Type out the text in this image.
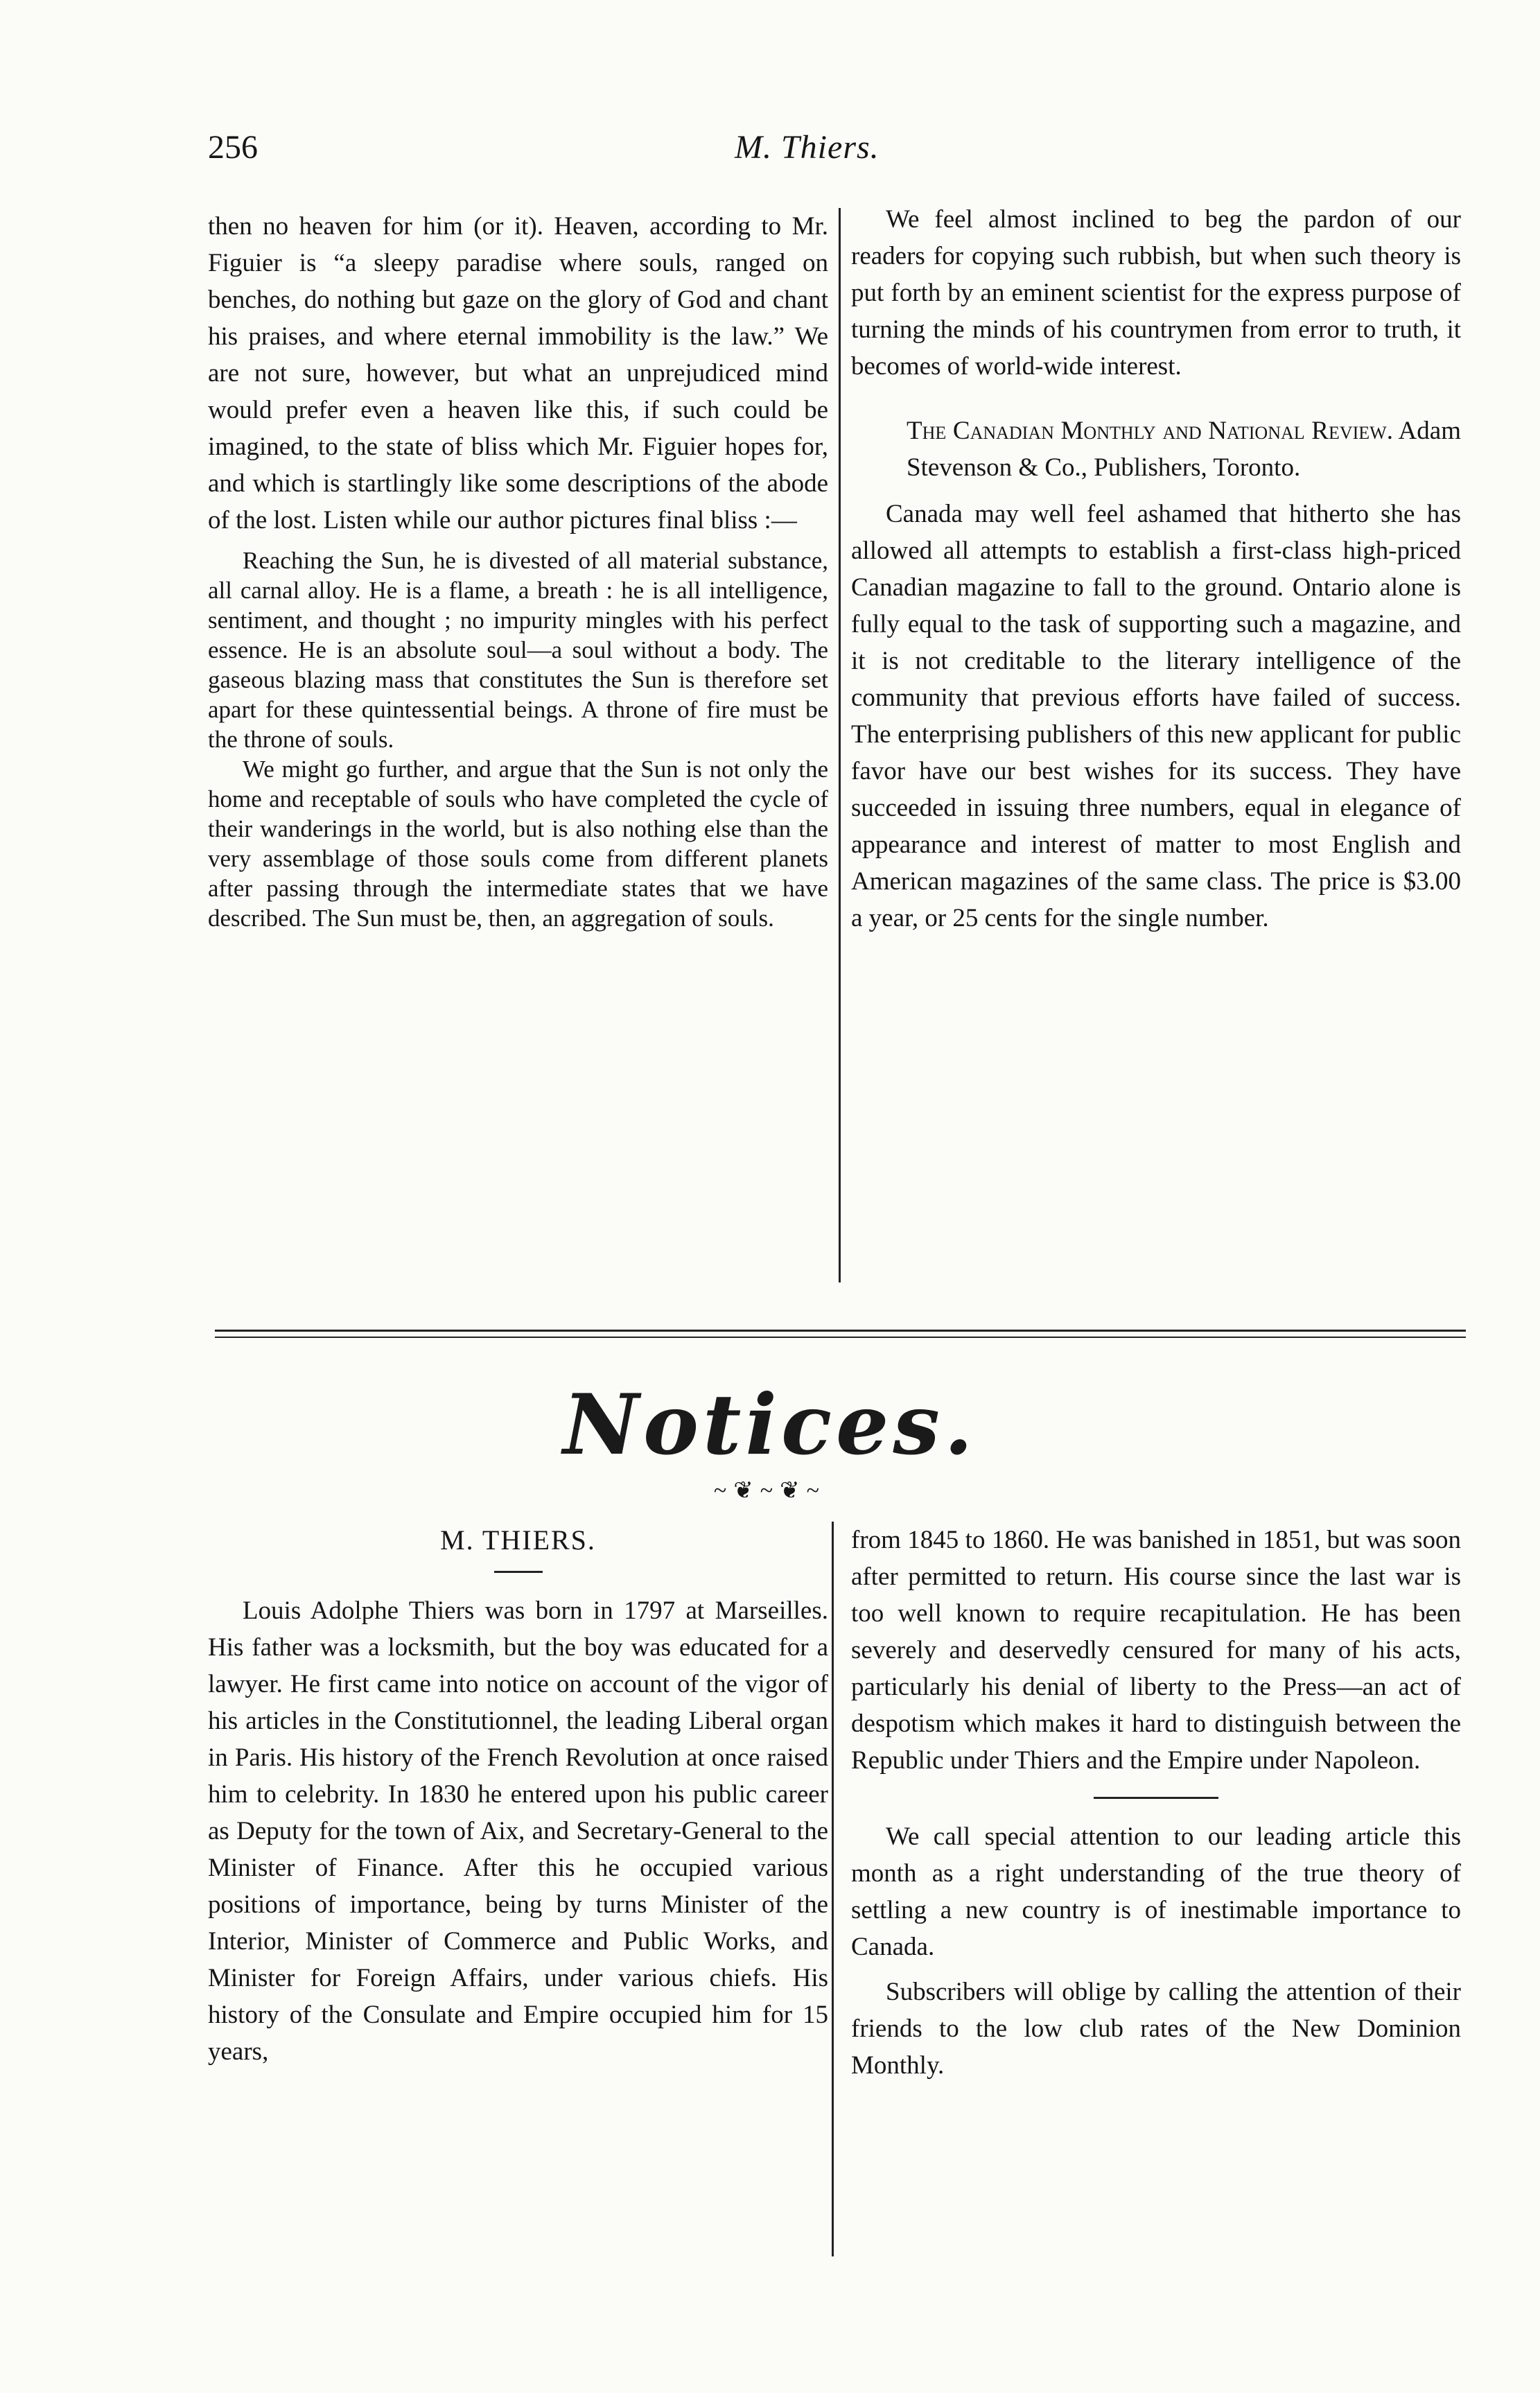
256	M. Thiers.

then no heaven for him (or it). Heaven, according to Mr. Figuier is “a sleepy paradise where souls, ranged on benches, do nothing but gaze on the glory of God and chant his praises, and where eternal immobility is the law.” We are not sure, however, but what an unprejudiced mind would prefer even a heaven like this, if such could be imagined, to the state of bliss which Mr. Figuier hopes for, and which is startlingly like some descriptions of the abode of the lost. Listen while our author pictures final bliss :—

Reaching the Sun, he is divested of all material substance, all carnal alloy. He is a flame, a breath : he is all intelligence, sentiment, and thought ; no impurity mingles with his perfect essence. He is an absolute soul—a soul without a body. The gaseous blazing mass that constitutes the Sun is therefore set apart for these quintessential beings. A throne of fire must be the throne of souls.

We might go further, and argue that the Sun is not only the home and receptable of souls who have completed the cycle of their wanderings in the world, but is also nothing else than the very assemblage of those souls come from different planets after passing through the intermediate states that we have described. The Sun must be, then, an aggregation of souls.

We feel almost inclined to beg the pardon of our readers for copying such rubbish, but when such theory is put forth by an eminent scientist for the express purpose of turning the minds of his countrymen from error to truth, it becomes of world-wide interest.

The Canadian Monthly and National Review. Adam Stevenson & Co., Publishers, Toronto.

Canada may well feel ashamed that hitherto she has allowed all attempts to establish a first-class high-priced Canadian magazine to fall to the ground. Ontario alone is fully equal to the task of supporting such a magazine, and it is not creditable to the literary intelligence of the community that previous efforts have failed of success. The enterprising publishers of this new applicant for public favor have our best wishes for its success. They have succeeded in issuing three numbers, equal in elegance of appearance and interest of matter to most English and American magazines of the same class. The price is $3.00 a year, or 25 cents for the single number.

Notices.
~❦~❦~
M. THIERS.

Louis Adolphe Thiers was born in 1797 at Marseilles. His father was a locksmith, but the boy was educated for a lawyer. He first came into notice on account of the vigor of his articles in the Constitutionnel, the leading Liberal organ in Paris. His history of the French Revolution at once raised him to celebrity. In 1830 he entered upon his public career as Deputy for the town of Aix, and Secretary-General to the Minister of Finance. After this he occupied various positions of importance, being by turns Minister of the Interior, Minister of Commerce and Public Works, and Minister for Foreign Affairs, under various chiefs. His history of the Consulate and Empire occupied him for 15 years,

from 1845 to 1860. He was banished in 1851, but was soon after permitted to return. His course since the last war is too well known to require recapitulation. He has been severely and deservedly censured for many of his acts, particularly his denial of liberty to the Press—an act of despotism which makes it hard to distinguish between the Republic under Thiers and the Empire under Napoleon.

We call special attention to our leading article this month as a right understanding of the true theory of settling a new country is of inestimable importance to Canada.

Subscribers will oblige by calling the attention of their friends to the low club rates of the New Dominion Monthly.
